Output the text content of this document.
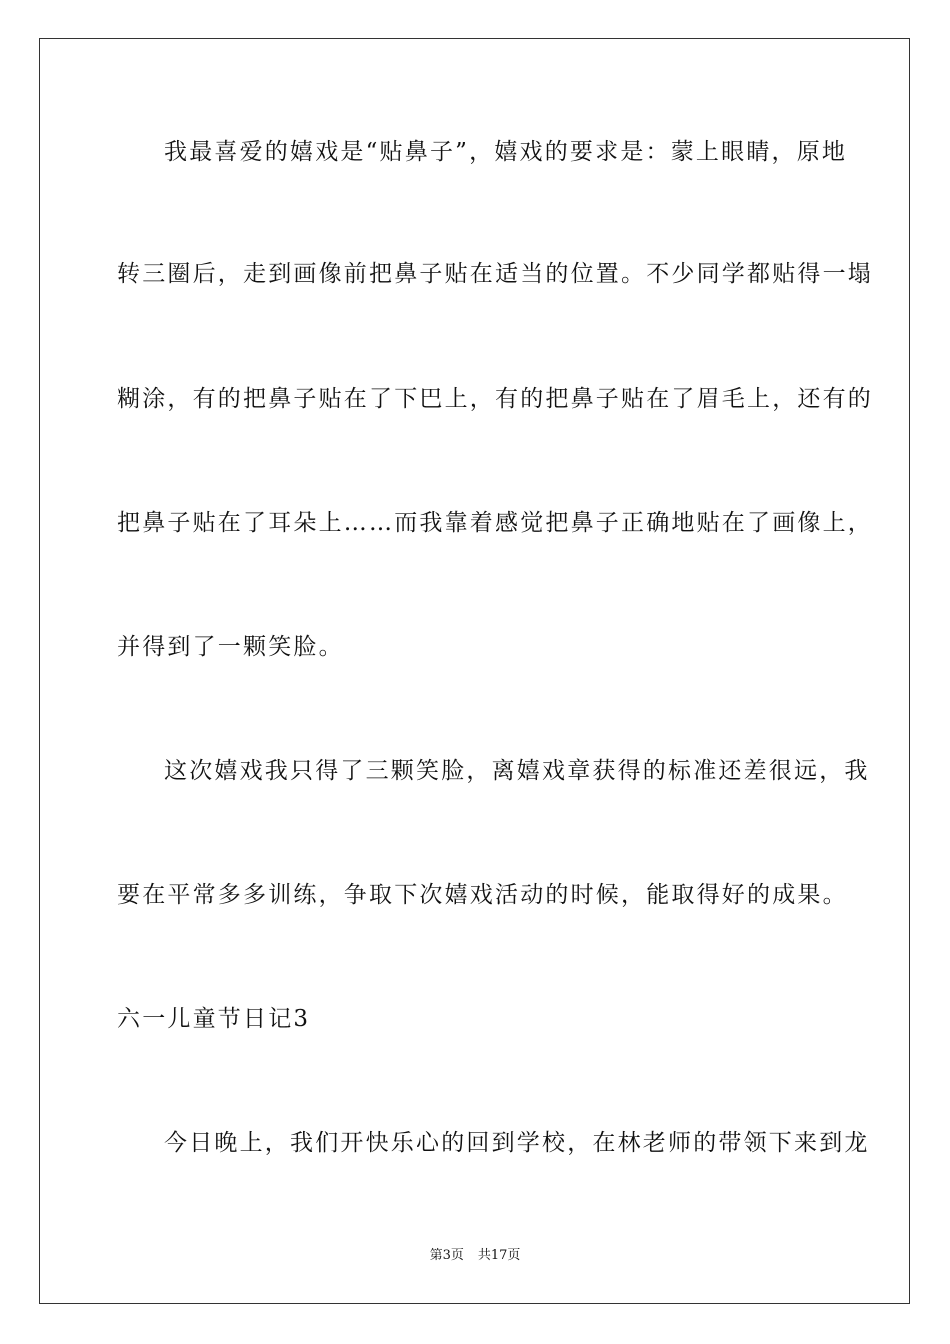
我最喜爱的嬉戏是“贴鼻子”，嬉戏的要求是：蒙上眼睛，原地
转三圈后，走到画像前把鼻子贴在适当的位置。不少同学都贴得一塌
糊涂，有的把鼻子贴在了下巴上，有的把鼻子贴在了眉毛上，还有的
把鼻子贴在了耳朵上……而我靠着感觉把鼻子正确地贴在了画像上，
并得到了一颗笑脸。
这次嬉戏我只得了三颗笑脸，离嬉戏章获得的标准还差很远，我
要在平常多多训练，争取下次嬉戏活动的时候，能取得好的成果。
六一儿童节日记3
今日晚上，我们开快乐心的回到学校，在林老师的带领下来到龙
第3页 共17页
